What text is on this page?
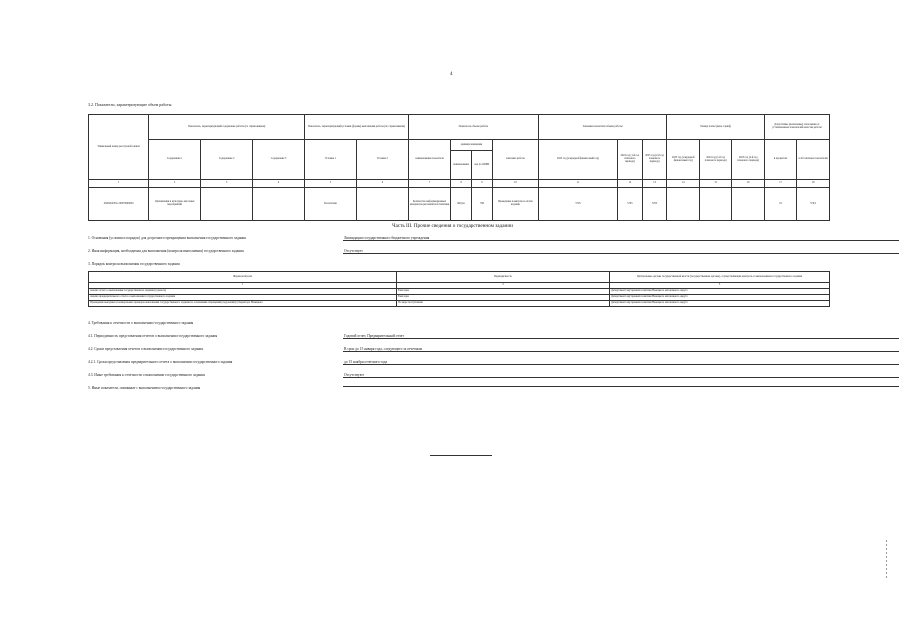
4
3.2. Показатели, характеризующие объем работы
Уникальный номер реестровой записи	Показатель, характеризующий содержание работы (по справочникам)			Показатель, характеризующий условия (формы) выполнения работы (по справочникам)		Показатель объема работы				Значение показателя объема работы			Размер платы (цена, тариф)			Допустимые (возможные) отклонения от установленных показателей качества работы	
	Содержание 1	Содержание 2	Содержание 3	Условие 1	Условие 2	наименование показателя	единица измерения		описание работы	2023 год (очередной финансовый год)	2024 год (1-й год планового периода)	2025 год (2-й год планового периода)	2023 год (очередной финансовый год)	2024 год (1-й год планового периода)	2025 год (2-й год планового периода)	в процентах	в абсолютных показателях
							наименование	код по ОКЕИ									
1	2	3	4	5	6	7	8	9	10	11	12	13	14	15	16	17	18
450000.Р.83.1.00070000000	Организация и культурно-массовых мероприятий			Бесплатная		Количество информационных материалов регламентной тематики	Штука	796	Проведение в выпуске и оплате издания	5705	5705	5705				10	570,5
Часть III. Прочие сведения о государственном задании
1. Основания (условия и порядок) для досрочного прекращения выполнения государственного задания	Ликвидация государственного бюджетного учреждения
2. Иная информация, необходимая для выполнения (контроля выполнения) государственного задания	Отсутствует
3. Порядок контроля выполнения государственного задания
Форма контроля	Периодичность	Центральные органы государственной власти (государственные органы), осуществляющие контроль за выполнением государственного задания
1	2	3
Анализ отчета о выполнении государственного задания (годового)	Ежегодно	Департамент внутренней политики Ненецкого автономного округа
Анализ предварительного отчета о выполнении государственного задания	Ежегодно	Департамент внутренней политики Ненецкого автономного округа
Проведение выездных и камеральных проверок выполнения государственного задания по основаниям обращений (поручений) губернатора Ненецкого	По мере поступления	Департамент внутренней политики Ненецкого автономного округа
4. Требования к отчетности о выполнении государственного задания
4.1. Периодичность представления отчетов о выполнении государственного задания	Годовой отчет, Предварительный отчет
4.2. Сроки представления отчетов о выполнении государственного задания	В срок до 15 января года, следующего за отчетным
4.2.1. Сроки представления предварительного отчета о выполнении государственного задания	до 15 ноября отчетного года
4.3. Иные требования к отчетности о выполнении государственного задания	Отсутствуют
5. Иные показатели, связанные с выполнением государственного задания
